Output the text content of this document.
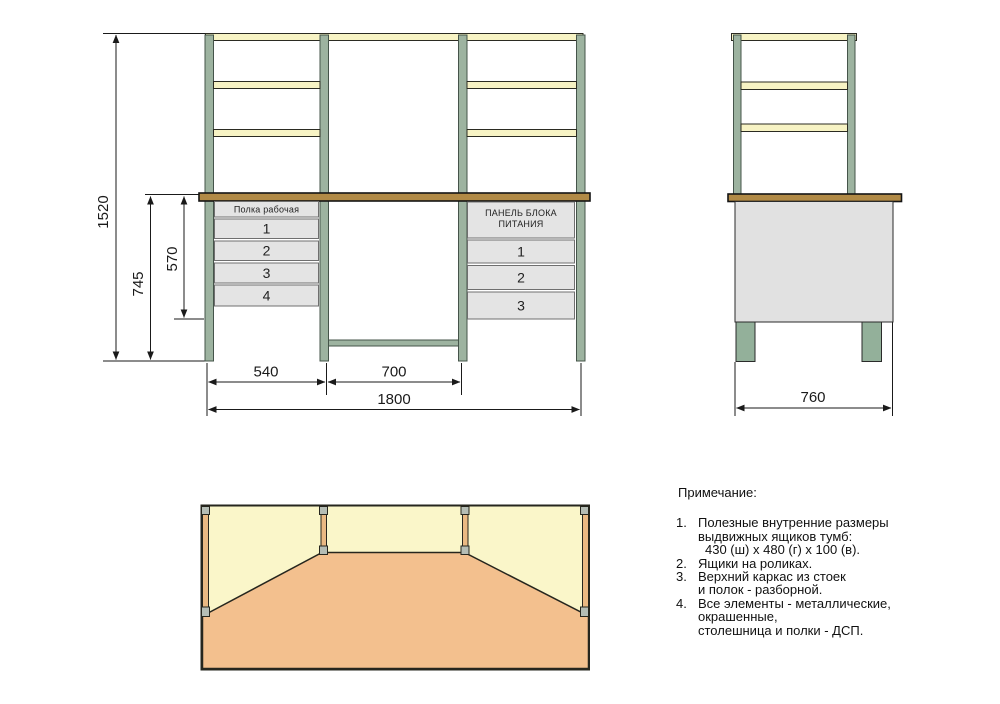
1520
745
570
Полка рабочая
1
2
3
4
ПАНЕЛЬ БЛОКА
ПИТАНИЯ
1
2
3
540	700
1800	760

Примечание:

1. Полезные внутренние размеры
выдвижных ящиков тумб:
430 (ш) х 480 (г) х 100 (в).
2. Ящики на роликах.
3. Верхний каркас из стоек
и полок - разборной.
4. Все элементы - металлические,
окрашенные,
столешница и полки - ДСП.
